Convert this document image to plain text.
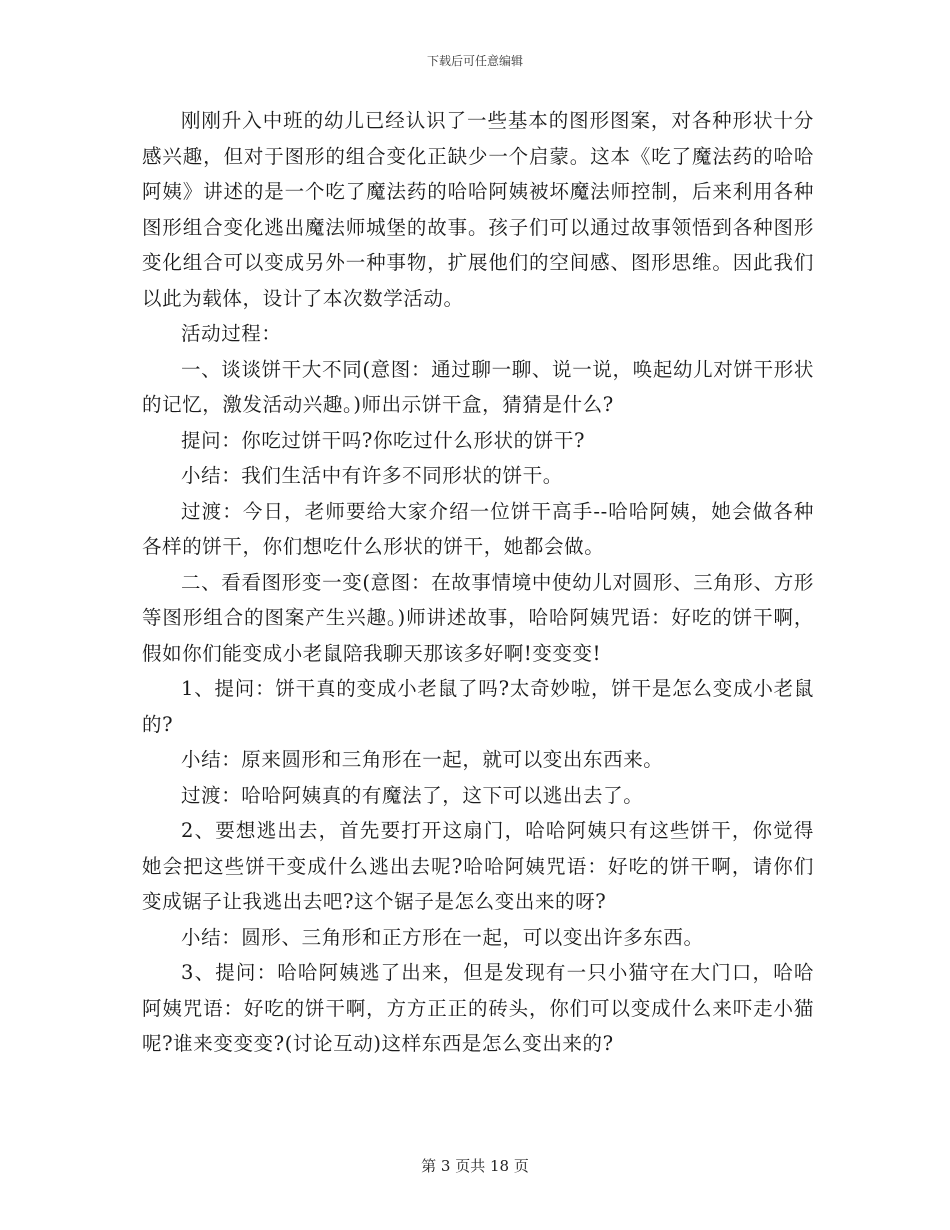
下载后可任意编辑

刚刚升入中班的幼儿已经认识了一些基本的图形图案，对各种形状十分感兴趣，但对于图形的组合变化正缺少一个启蒙。这本《吃了魔法药的哈哈阿姨》讲述的是一个吃了魔法药的哈哈阿姨被坏魔法师控制，后来利用各种图形组合变化逃出魔法师城堡的故事。孩子们可以通过故事领悟到各种图形变化组合可以变成另外一种事物，扩展他们的空间感、图形思维。因此我们以此为载体，设计了本次数学活动。

活动过程：

一、谈谈饼干大不同(意图：通过聊一聊、说一说，唤起幼儿对饼干形状的记忆，激发活动兴趣。)师出示饼干盒，猜猜是什么?

提问：你吃过饼干吗?你吃过什么形状的饼干?

小结：我们生活中有许多不同形状的饼干。

过渡：今日，老师要给大家介绍一位饼干高手--哈哈阿姨，她会做各种各样的饼干，你们想吃什么形状的饼干，她都会做。

二、看看图形变一变(意图：在故事情境中使幼儿对圆形、三角形、方形等图形组合的图案产生兴趣。)师讲述故事，哈哈阿姨咒语：好吃的饼干啊，假如你们能变成小老鼠陪我聊天那该多好啊!变变变!

1、提问：饼干真的变成小老鼠了吗?太奇妙啦，饼干是怎么变成小老鼠的?

小结：原来圆形和三角形在一起，就可以变出东西来。

过渡：哈哈阿姨真的有魔法了，这下可以逃出去了。

2、要想逃出去，首先要打开这扇门，哈哈阿姨只有这些饼干，你觉得她会把这些饼干变成什么逃出去呢?哈哈阿姨咒语：好吃的饼干啊，请你们变成锯子让我逃出去吧?这个锯子是怎么变出来的呀?

小结：圆形、三角形和正方形在一起，可以变出许多东西。

3、提问：哈哈阿姨逃了出来，但是发现有一只小猫守在大门口，哈哈阿姨咒语：好吃的饼干啊，方方正正的砖头，你们可以变成什么来吓走小猫呢?谁来变变变?(讨论互动)这样东西是怎么变出来的?

第 3 页共 18 页
